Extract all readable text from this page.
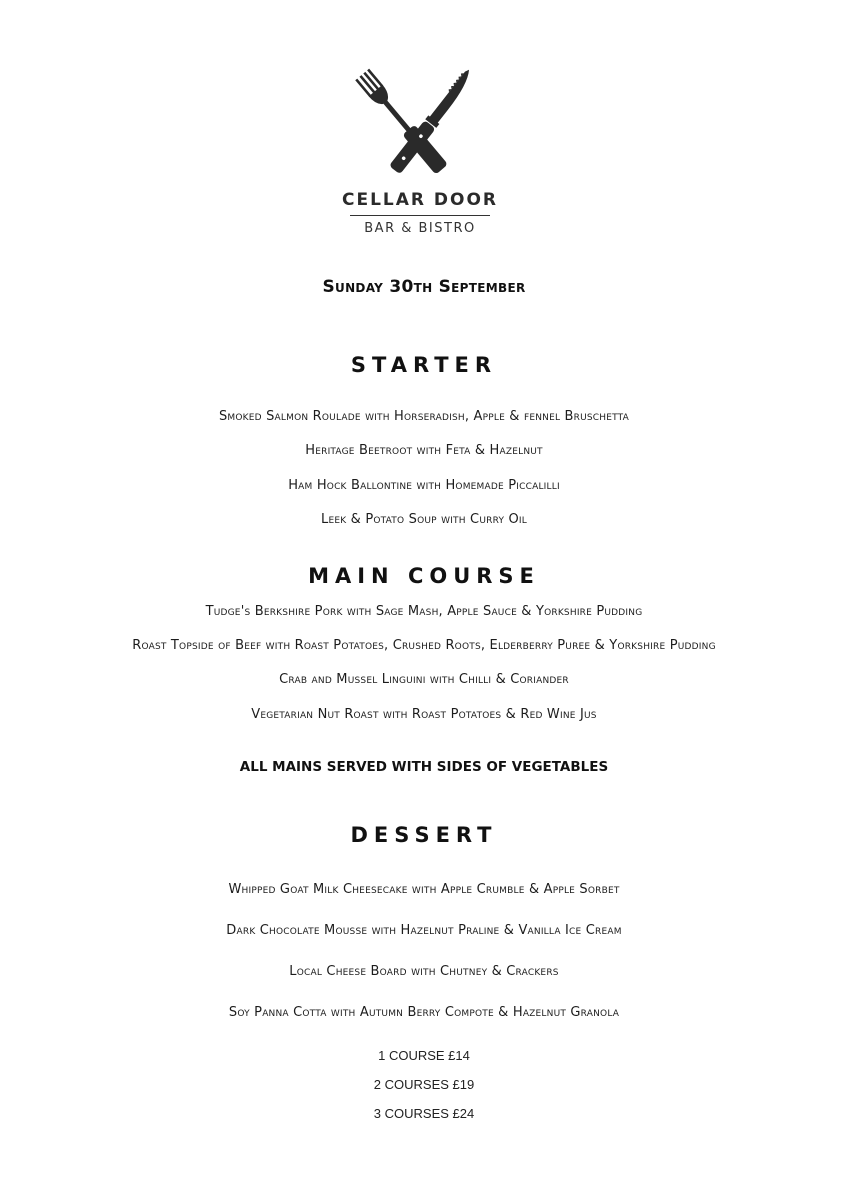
CELLAR DOOR
BAR & BISTRO
Sunday 30th September
STARTER
Smoked Salmon Roulade with Horseradish, Apple & fennel Bruschetta
Heritage Beetroot with Feta & Hazelnut
Ham Hock Ballontine with Homemade Piccalilli
Leek & Potato Soup with Curry Oil
MAIN COURSE
Tudge's Berkshire Pork with Sage Mash, Apple Sauce & Yorkshire Pudding
Roast Topside of Beef with Roast Potatoes, Crushed Roots, Elderberry Puree & Yorkshire Pudding
Crab and Mussel Linguini with Chilli & Coriander
Vegetarian Nut Roast with Roast Potatoes & Red Wine Jus
ALL MAINS SERVED WITH SIDES OF VEGETABLES
DESSERT
Whipped Goat Milk Cheesecake with Apple Crumble & Apple Sorbet
Dark Chocolate Mousse with Hazelnut Praline & Vanilla Ice Cream
Local Cheese Board with Chutney & Crackers
Soy Panna Cotta with Autumn Berry Compote & Hazelnut Granola
1 COURSE £14
2 COURSES £19
3 COURSES £24
